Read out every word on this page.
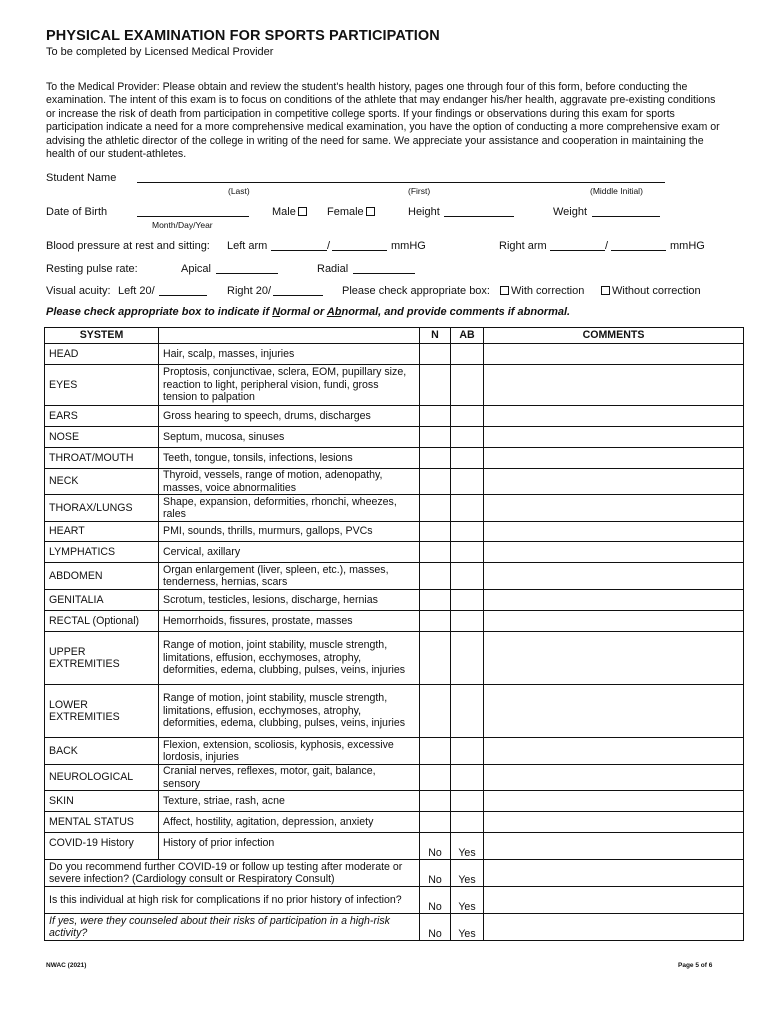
PHYSICAL EXAMINATION FOR SPORTS PARTICIPATION
To be completed by Licensed Medical Provider
To the Medical Provider: Please obtain and review the student's health history, pages one through four of this form, before conducting the examination. The intent of this exam is to focus on conditions of the athlete that may endanger his/her health, aggravate pre-existing conditions or increase the risk of death from participation in competitive college sports. If your findings or observations during this exam for sports participation indicate a need for a more comprehensive medical examination, you have the option of conducting a more comprehensive exam or advising the athletic director of the college in writing of the need for same. We appreciate your assistance and cooperation in maintaining the health of our student-athletes.
Student Name
(Last)	(First)	(Middle Initial)
Date of Birth
Month/Day/Year
Male	Female	Height	Weight
Blood pressure at rest and sitting: Left arm	/	mmHG	Right arm	/	mmHG
Resting pulse rate:	Apical	Radial
Visual acuity: Left 20/	Right 20/	Please check appropriate box:	With correction	Without correction
Please check appropriate box to indicate if Normal or Abnormal, and provide comments if abnormal.
SYSTEM		N	AB	COMMENTS
HEAD	Hair, scalp, masses, injuries			
EYES	Proptosis, conjunctivae, sclera, EOM, pupillary size, reaction to light, peripheral vision, fundi, gross tension to palpation			
EARS	Gross hearing to speech, drums, discharges			
NOSE	Septum, mucosa, sinuses			
THROAT/MOUTH	Teeth, tongue, tonsils, infections, lesions			
NECK	Thyroid, vessels, range of motion, adenopathy, masses, voice abnormalities			
THORAX/LUNGS	Shape, expansion, deformities, rhonchi, wheezes, rales			
HEART	PMI, sounds, thrills, murmurs, gallops, PVCs			
LYMPHATICS	Cervical, axillary			
ABDOMEN	Organ enlargement (liver, spleen, etc.), masses, tenderness, hernias, scars			
GENITALIA	Scrotum, testicles, lesions, discharge, hernias			
RECTAL (Optional)	Hemorrhoids, fissures, prostate, masses			
UPPER EXTREMITIES	Range of motion, joint stability, muscle strength, limitations, effusion, ecchymoses, atrophy, deformities, edema, clubbing, pulses, veins, injuries			
LOWER EXTREMITIES	Range of motion, joint stability, muscle strength, limitations, effusion, ecchymoses, atrophy, deformities, edema, clubbing, pulses, veins, injuries			
BACK	Flexion, extension, scoliosis, kyphosis, excessive lordosis, injuries			
NEUROLOGICAL	Cranial nerves, reflexes, motor, gait, balance, sensory			
SKIN	Texture, striae, rash, acne			
MENTAL STATUS	Affect, hostility, agitation, depression, anxiety			
COVID-19 History	History of prior infection	No	Yes	
Do you recommend further COVID-19 or follow up testing after moderate or severe infection? (Cardiology consult or Respiratory Consult)		No	Yes	
Is this individual at high risk for complications if no prior history of infection?		No	Yes	
If yes, were they counseled about their risks of participation in a high-risk activity?		No	Yes	
NWAC (2021)	Page 5 of 6
